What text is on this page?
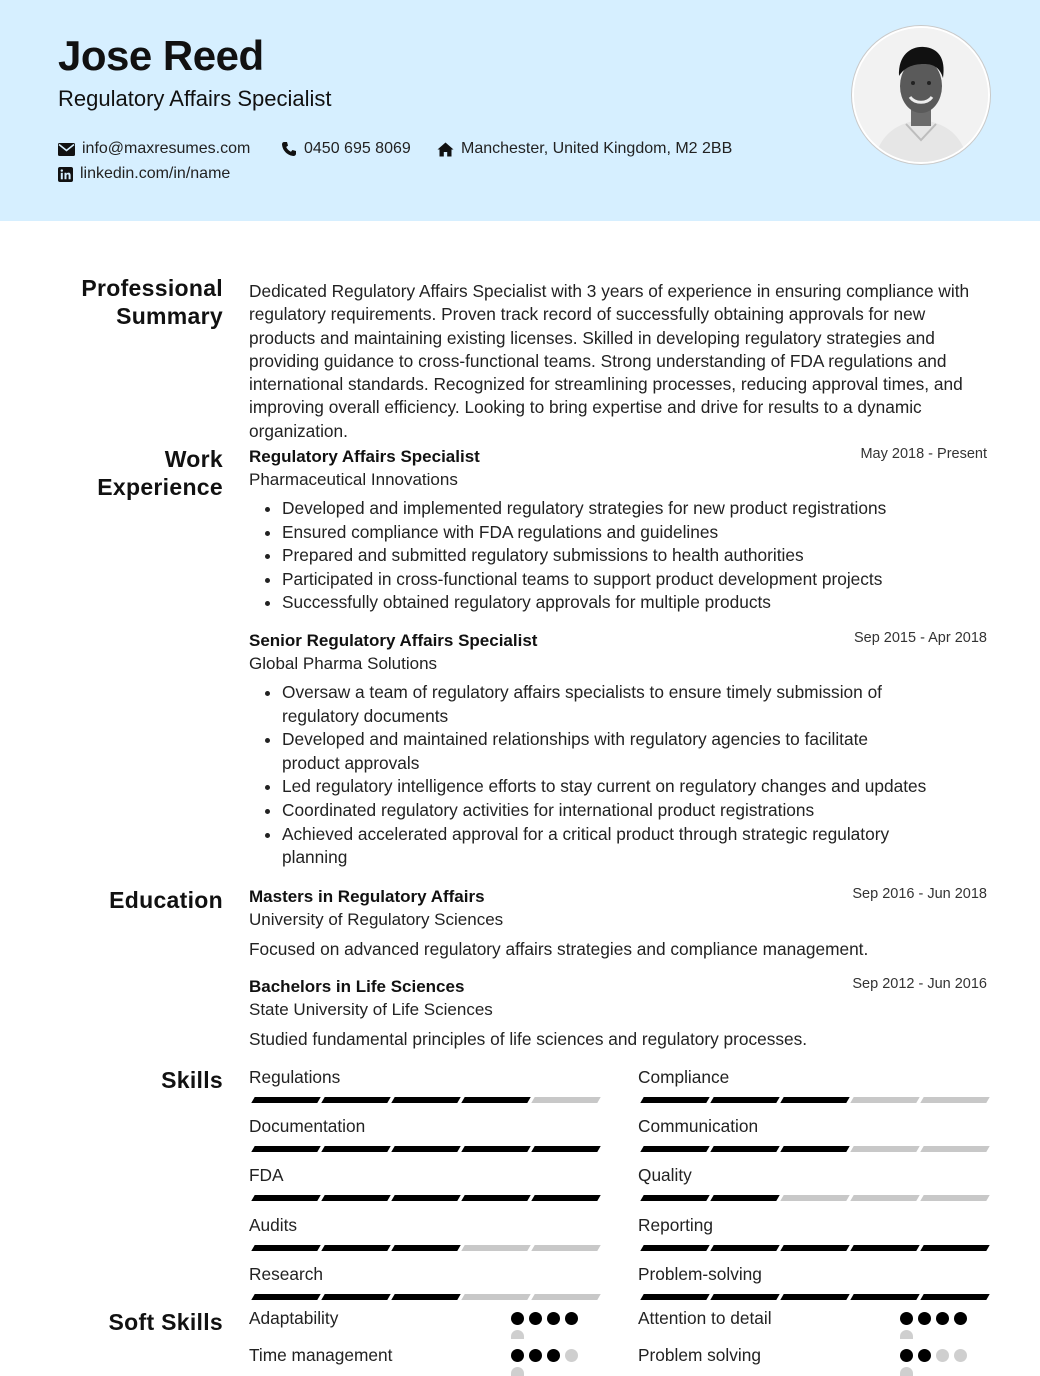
Jose Reed
Regulatory Affairs Specialist
info@maxresumes.com	0450 695 8069	Manchester, United Kingdom, M2 2BB
linkedin.com/in/name
Professional Summary

Dedicated Regulatory Affairs Specialist with 3 years of experience in ensuring compliance with regulatory requirements. Proven track record of successfully obtaining approvals for new products and maintaining existing licenses. Skilled in developing regulatory strategies and providing guidance to cross-functional teams. Strong understanding of FDA regulations and international standards. Recognized for streamlining processes, reducing approval times, and improving overall efficiency. Looking to bring expertise and drive for results to a dynamic organization.

Work Experience
Regulatory Affairs Specialist	May 2018 - Present
Pharmaceutical Innovations
• Developed and implemented regulatory strategies for new product registrations
• Ensured compliance with FDA regulations and guidelines
• Prepared and submitted regulatory submissions to health authorities
• Participated in cross-functional teams to support product development projects
• Successfully obtained regulatory approvals for multiple products
Senior Regulatory Affairs Specialist	Sep 2015 - Apr 2018
Global Pharma Solutions
• Oversaw a team of regulatory affairs specialists to ensure timely submission of regulatory documents
• Developed and maintained relationships with regulatory agencies to facilitate product approvals
• Led regulatory intelligence efforts to stay current on regulatory changes and updates
• Coordinated regulatory activities for international product registrations
• Achieved accelerated approval for a critical product through strategic regulatory planning
Education Masters in Regulatory Affairs	Sep 2016 - Jun 2018
University of Regulatory Sciences

Focused on advanced regulatory affairs strategies and compliance management.

Bachelors in Life Sciences	Sep 2012 - Jun 2016
State University of Life Sciences

Studied fundamental principles of life sciences and regulatory processes.

Skills Regulations	Compliance
Documentation	Communication
FDA	Quality
Audits	Reporting
Research	Problem-solving
Soft Skills Adaptability	Attention to detail
Time management	Problem solving
